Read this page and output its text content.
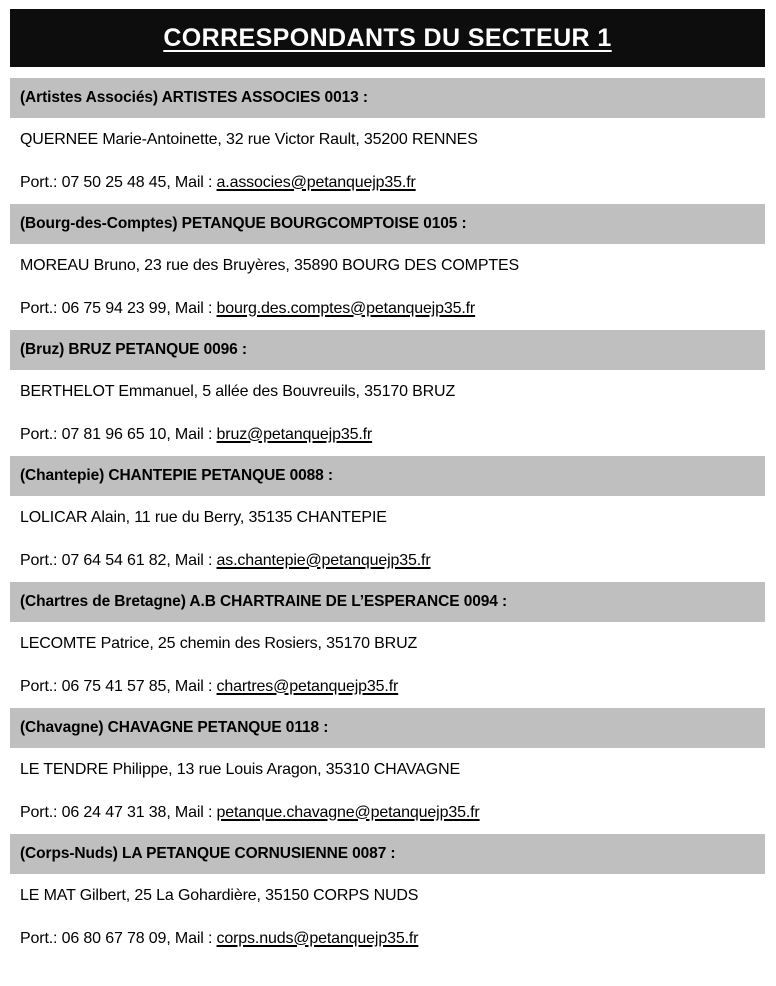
CORRESPONDANTS DU SECTEUR 1
(Artistes Associés) ARTISTES ASSOCIES 0013 :
QUERNEE Marie-Antoinette, 32 rue Victor Rault, 35200 RENNES
Port.: 07 50 25 48 45, Mail : a.associes@petanquejp35.fr
(Bourg-des-Comptes) PETANQUE BOURGCOMPTOISE 0105 :
MOREAU Bruno, 23 rue des Bruyères, 35890 BOURG DES COMPTES
Port.: 06 75 94 23 99, Mail : bourg.des.comptes@petanquejp35.fr
(Bruz) BRUZ PETANQUE 0096 :
BERTHELOT Emmanuel, 5 allée des Bouvreuils, 35170 BRUZ
Port.: 07 81 96 65 10, Mail : bruz@petanquejp35.fr
(Chantepie) CHANTEPIE PETANQUE 0088 :
LOLICAR Alain, 11 rue du Berry, 35135 CHANTEPIE
Port.: 07 64 54 61 82, Mail : as.chantepie@petanquejp35.fr
(Chartres de Bretagne) A.B CHARTRAINE DE L’ESPERANCE 0094 :
LECOMTE Patrice, 25 chemin des Rosiers, 35170 BRUZ
Port.: 06 75 41 57 85, Mail : chartres@petanquejp35.fr
(Chavagne) CHAVAGNE PETANQUE 0118 :
LE TENDRE Philippe, 13 rue Louis Aragon, 35310 CHAVAGNE
Port.: 06 24 47 31 38, Mail : petanque.chavagne@petanquejp35.fr
(Corps-Nuds) LA PETANQUE CORNUSIENNE 0087 :
LE MAT Gilbert, 25 La Gohardière, 35150 CORPS NUDS
Port.: 06 80 67 78 09, Mail : corps.nuds@petanquejp35.fr
